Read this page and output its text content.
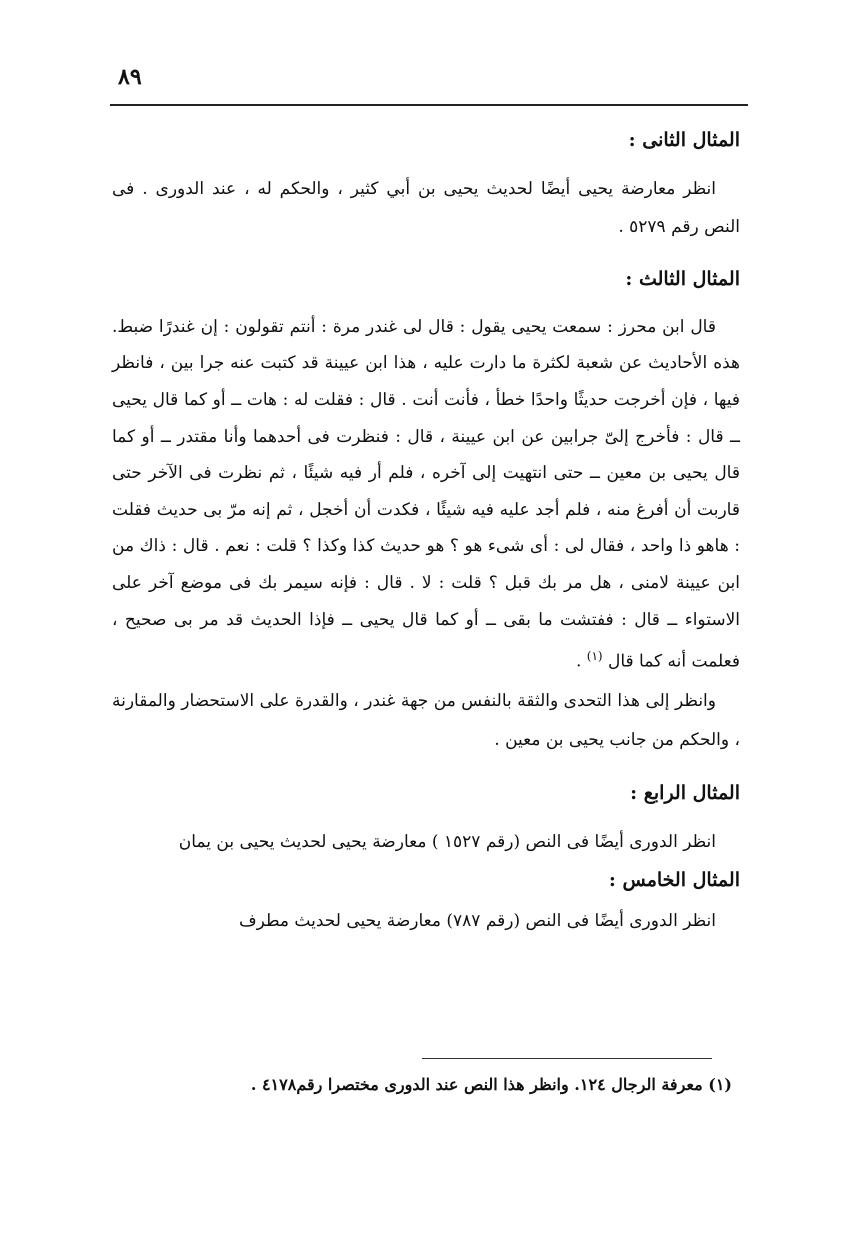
٨٩
المثال الثانى :

انظر معارضة يحيى أيضًا لحديث يحيى بن أبي كثير ، والحكم له ، عند الدورى . فى النص رقم ٥٢٧٩ .

المثال الثالث :

قال ابن محرز : سمعت يحيى يقول : قال لى غندر مرة : أنتم تقولون : إن غندرًا ضبط. هذه الأحاديث عن شعبة لكثرة ما دارت عليه ، هذا ابن عيينة قد كتبت عنه جرا بين ، فانظر فيها ، فإن أخرجت حديثًا واحدًا خطأ ، فأنت أنت . قال : فقلت له : هات ــ أو كما قال يحيى ــ قال : فأخرج إلىّ جرابين عن ابن عيينة ، قال : فنظرت فى أحدهما وأنا مقتدر ــ أو كما قال يحيى بن معين ــ حتى انتهيت إلى آخره ، فلم أر فيه شيئًا ، ثم نظرت فى الآخر حتى قاربت أن أفرغ منه ، فلم أجد عليه فيه شيئًا ، فكدت أن أخجل ، ثم إنه مرّ بى حديث فقلت : هاهو ذا واحد ، فقال لى : أى شىء هو ؟ هو حديث كذا وكذا ؟ قلت : نعم . قال : ذاك من ابن عيينة لامنى ، هل مر بك قبل ؟ قلت : لا . قال : فإنه سيمر بك فى موضع آخر على الاستواء ــ قال : ففتشت ما بقى ــ أو كما قال يحيى ــ فإذا الحديث قد مر بى صحيح ، فعلمت أنه كما قال $^{(١)}$ .

وانظر إلى هذا التحدى والثقة بالنفس من جهة غندر ، والقدرة على الاستحضار والمقارنة ، والحكم من جانب يحيى بن معين .

المثال الرابع :

انظر الدورى أيضًا فى النص (رقم ١٥٢٧ ) معارضة يحيى لحديث يحيى بن يمان

المثال الخامس :

انظر الدورى أيضًا فى النص (رقم ٧٨٧) معارضة يحيى لحديث مطرف

(١) معرفة الرجال ١٢٤. وانظر هذا النص عند الدورى مختصرا رقم٤١٧٨ .
